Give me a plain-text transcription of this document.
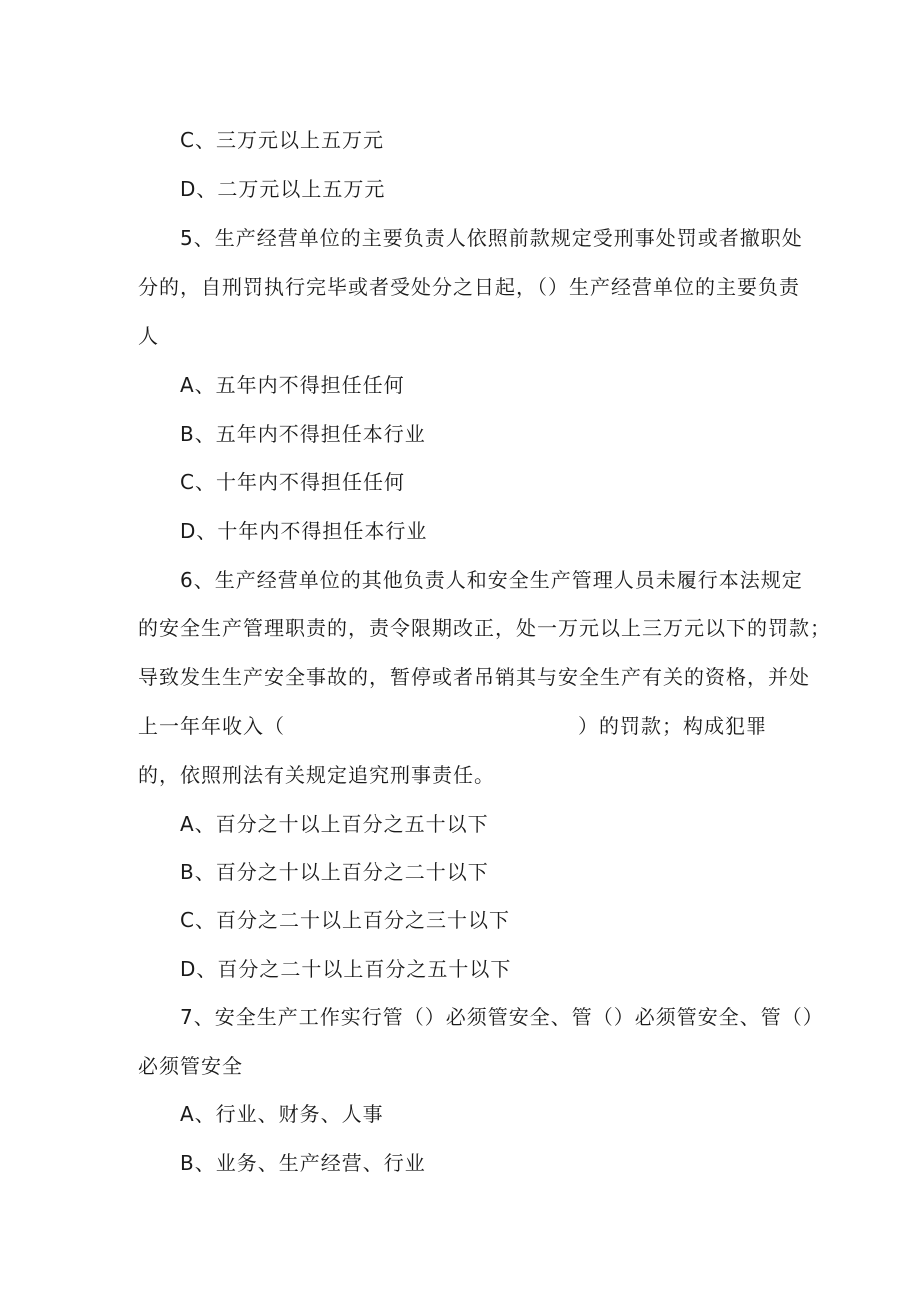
C、三万元以上五万元
D、二万元以上五万元
5、生产经营单位的主要负责人依照前款规定受刑事处罚或者撤职处
分的，自刑罚执行完毕或者受处分之日起，（）生产经营单位的主要负责
人
A、五年内不得担任任何
B、五年内不得担任本行业
C、十年内不得担任任何
D、十年内不得担任本行业
6、生产经营单位的其他负责人和安全生产管理人员未履行本法规定
的安全生产管理职责的，责令限期改正，处一万元以上三万元以下的罚款；
导致发生生产安全事故的，暂停或者吊销其与安全生产有关的资格，并处
上一年年收入（	）的罚款；构成犯罪
的，依照刑法有关规定追究刑事责任。
A、百分之十以上百分之五十以下
B、百分之十以上百分之二十以下
C、百分之二十以上百分之三十以下
D、百分之二十以上百分之五十以下
7、安全生产工作实行管（）必须管安全、管（）必须管安全、管（）
必须管安全
A、行业、财务、人事
B、业务、生产经营、行业
